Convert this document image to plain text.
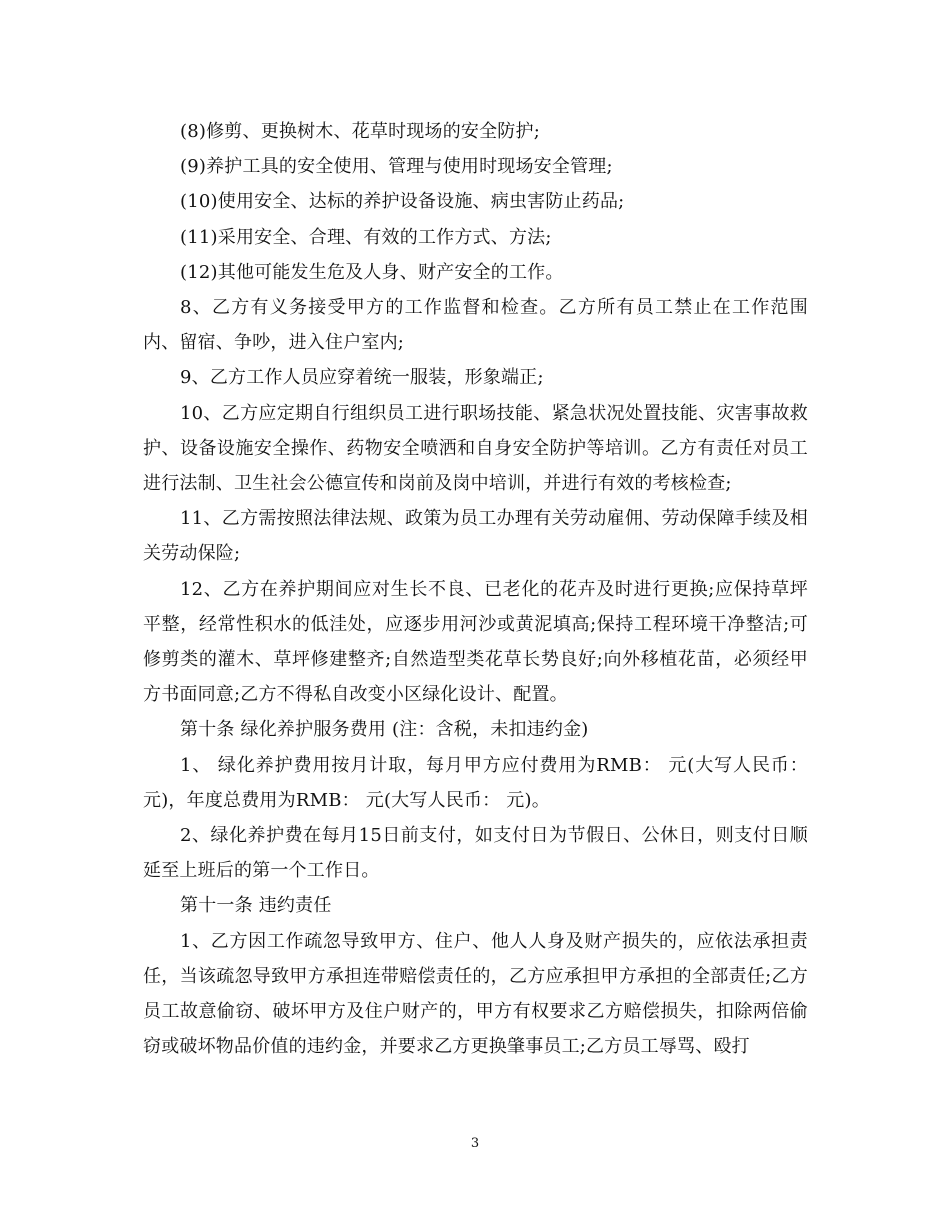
(8)修剪、更换树木、花草时现场的安全防护;

(9)养护工具的安全使用、管理与使用时现场安全管理;

(10)使用安全、达标的养护设备设施、病虫害防止药品;

(11)采用安全、合理、有效的工作方式、方法;

(12)其他可能发生危及人身、财产安全的工作。

8、乙方有义务接受甲方的工作监督和检查。乙方所有员工禁止在工作范围内、留宿、争吵，进入住户室内;

9、乙方工作人员应穿着统一服装，形象端正;

10、乙方应定期自行组织员工进行职场技能、紧急状况处置技能、灾害事故救护、设备设施安全操作、药物安全喷洒和自身安全防护等培训。乙方有责任对员工进行法制、卫生社会公德宣传和岗前及岗中培训，并进行有效的考核检查;

11、乙方需按照法律法规、政策为员工办理有关劳动雇佣、劳动保障手续及相关劳动保险;

12、乙方在养护期间应对生长不良、已老化的花卉及时进行更换;应保持草坪平整，经常性积水的低洼处，应逐步用河沙或黄泥填高;保持工程环境干净整洁;可修剪类的灌木、草坪修建整齐;自然造型类花草长势良好;向外移植花苗，必须经甲方书面同意;乙方不得私自改变小区绿化设计、配置。

第十条 绿化养护服务费用 (注：含税，未扣违约金)

1、 绿化养护费用按月计取，每月甲方应付费用为RMB： 元(大写人民币： 元)，年度总费用为RMB： 元(大写人民币： 元)。

2、绿化养护费在每月15日前支付，如支付日为节假日、公休日，则支付日顺延至上班后的第一个工作日。

第十一条 违约责任

1、乙方因工作疏忽导致甲方、住户、他人人身及财产损失的，应依法承担责任，当该疏忽导致甲方承担连带赔偿责任的，乙方应承担甲方承担的全部责任;乙方员工故意偷窃、破坏甲方及住户财产的，甲方有权要求乙方赔偿损失，扣除两倍偷窃或破坏物品价值的违约金，并要求乙方更换肇事员工;乙方员工辱骂、殴打

3
